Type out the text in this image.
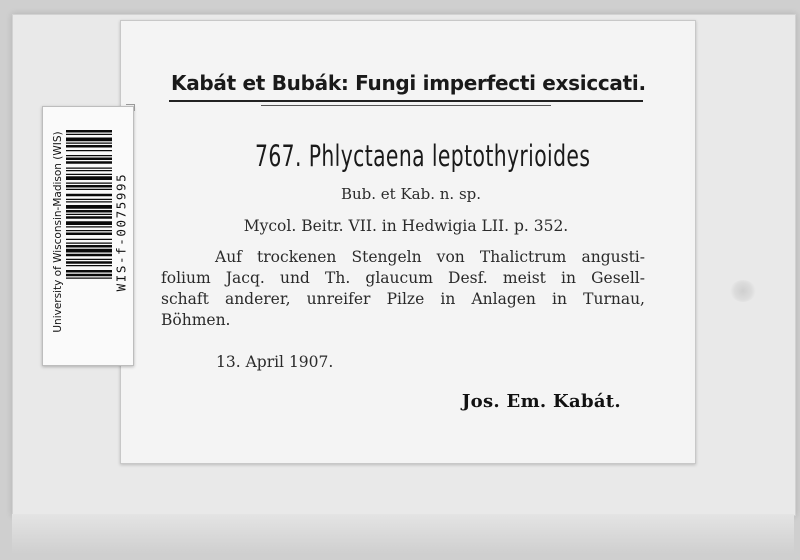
Kabát et Bubák: Fungi imperfecti exsiccati.
767. Phlyctaena leptothyrioides
Bub. et Kab. n. sp.
Mycol. Beitr. VII. in Hedwigia LII. p. 352.
Auf trockenen Stengeln von Thalictrum angusti-
folium Jacq. und Th. glaucum Desf. meist in Gesell-
schaft anderer, unreifer Pilze in Anlagen in Turnau,
Böhmen.
13. April 1907.
Jos. Em. Kabát.
University of Wisconsin-Madison (WIS)	WIS-f-0075995
